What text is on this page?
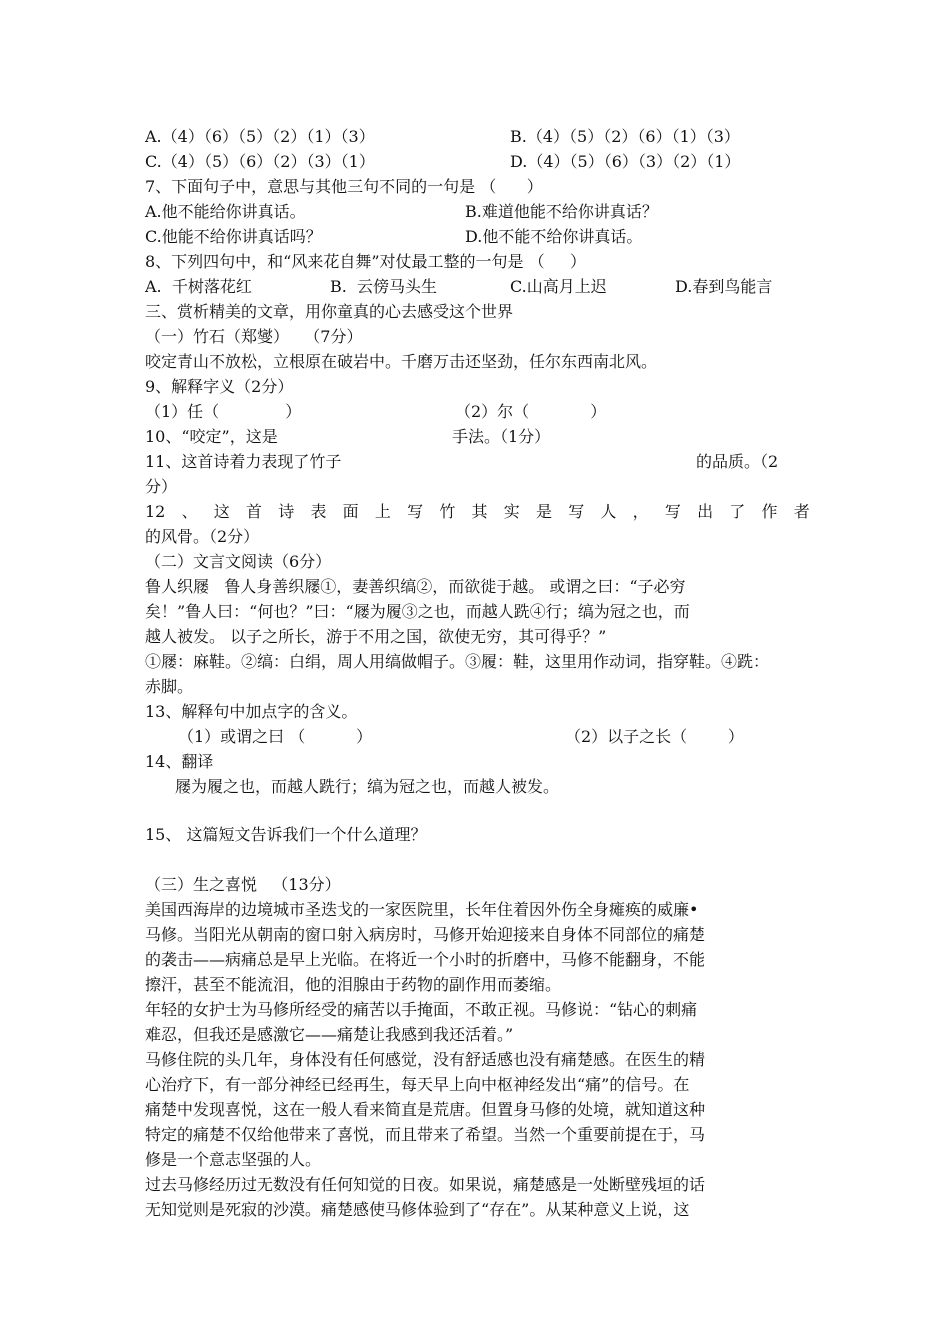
A.（4）（6）（5）（2）（1）（3）	B.（4）（5）（2）（6）（1）（3）
C.（4）（5）（6）（2）（3）（1）	D.（4）（5）（6）（3）（2）（1）
7、下面句子中，意思与其他三句不同的一句是 （      ）
A.他不能给你讲真话。	B.难道他能不给你讲真话？
C.他能不给你讲真话吗？	D.他不能不给你讲真话。
8、下列四句中，和“风来花自舞”对仗最工整的一句是 （     ）
A.  千树落花红	B.  云傍马头生	C.山高月上迟	D.春到鸟能言
三、赏析精美的文章，用你童真的心去感受这个世界
（一）竹石（郑燮）   （7分）
咬定青山不放松，立根原在破岩中。千磨万击还坚劲，任尔东西南北风。
9、解释字义（2分）
（1）任（             ）	（2）尔（            ）
10、“咬定”，这是	手法。（1分）
11、这首诗着力表现了竹子	的品质。（2
分）
12 、 这 首 诗 表 面 上 写 竹 其 实 是 写 人 ， 写 出 了 作 者
的风骨。（2分）
（二）文言文阅读（6分）
鲁人织屦   鲁人身善织屦①，妻善织缟②，而欲徙于越。 或谓之曰：“子必穷
矣！”鲁人曰：“何也？”曰：“屦为履③之也，而越人跣④行；缟为冠之也，而
越人被发。 以子之所长，游于不用之国，欲使无穷，其可得乎？”
①屦：麻鞋。②缟：白绢，周人用缟做帽子。③履：鞋，这里用作动词，指穿鞋。④跣：
赤脚。
13、解释句中加点字的含义。
（1）或谓之曰 （          ）	（2）以子之长（        ）
14、翻译
屦为履之也，而越人跣行；缟为冠之也，而越人被发。
15、 这篇短文告诉我们一个什么道理？
（三）生之喜悦   （13分）
美国西海岸的边境城市圣迭戈的一家医院里，长年住着因外伤全身瘫痪的威廉•
马修。当阳光从朝南的窗口射入病房时，马修开始迎接来自身体不同部位的痛楚
的袭击——病痛总是早上光临。在将近一个小时的折磨中，马修不能翻身，不能
擦汗，甚至不能流泪，他的泪腺由于药物的副作用而萎缩。
年轻的女护士为马修所经受的痛苦以手掩面，不敢正视。马修说：“钻心的刺痛
难忍，但我还是感激它——痛楚让我感到我还活着。”
马修住院的头几年，身体没有任何感觉，没有舒适感也没有痛楚感。在医生的精
心治疗下，有一部分神经已经再生，每天早上向中枢神经发出“痛”的信号。在
痛楚中发现喜悦，这在一般人看来简直是荒唐。但置身马修的处境，就知道这种
特定的痛楚不仅给他带来了喜悦，而且带来了希望。当然一个重要前提在于，马
修是一个意志坚强的人。
过去马修经历过无数没有任何知觉的日夜。如果说，痛楚感是一处断壁残垣的话
无知觉则是死寂的沙漠。痛楚感使马修体验到了“存在”。从某种意义上说，这
